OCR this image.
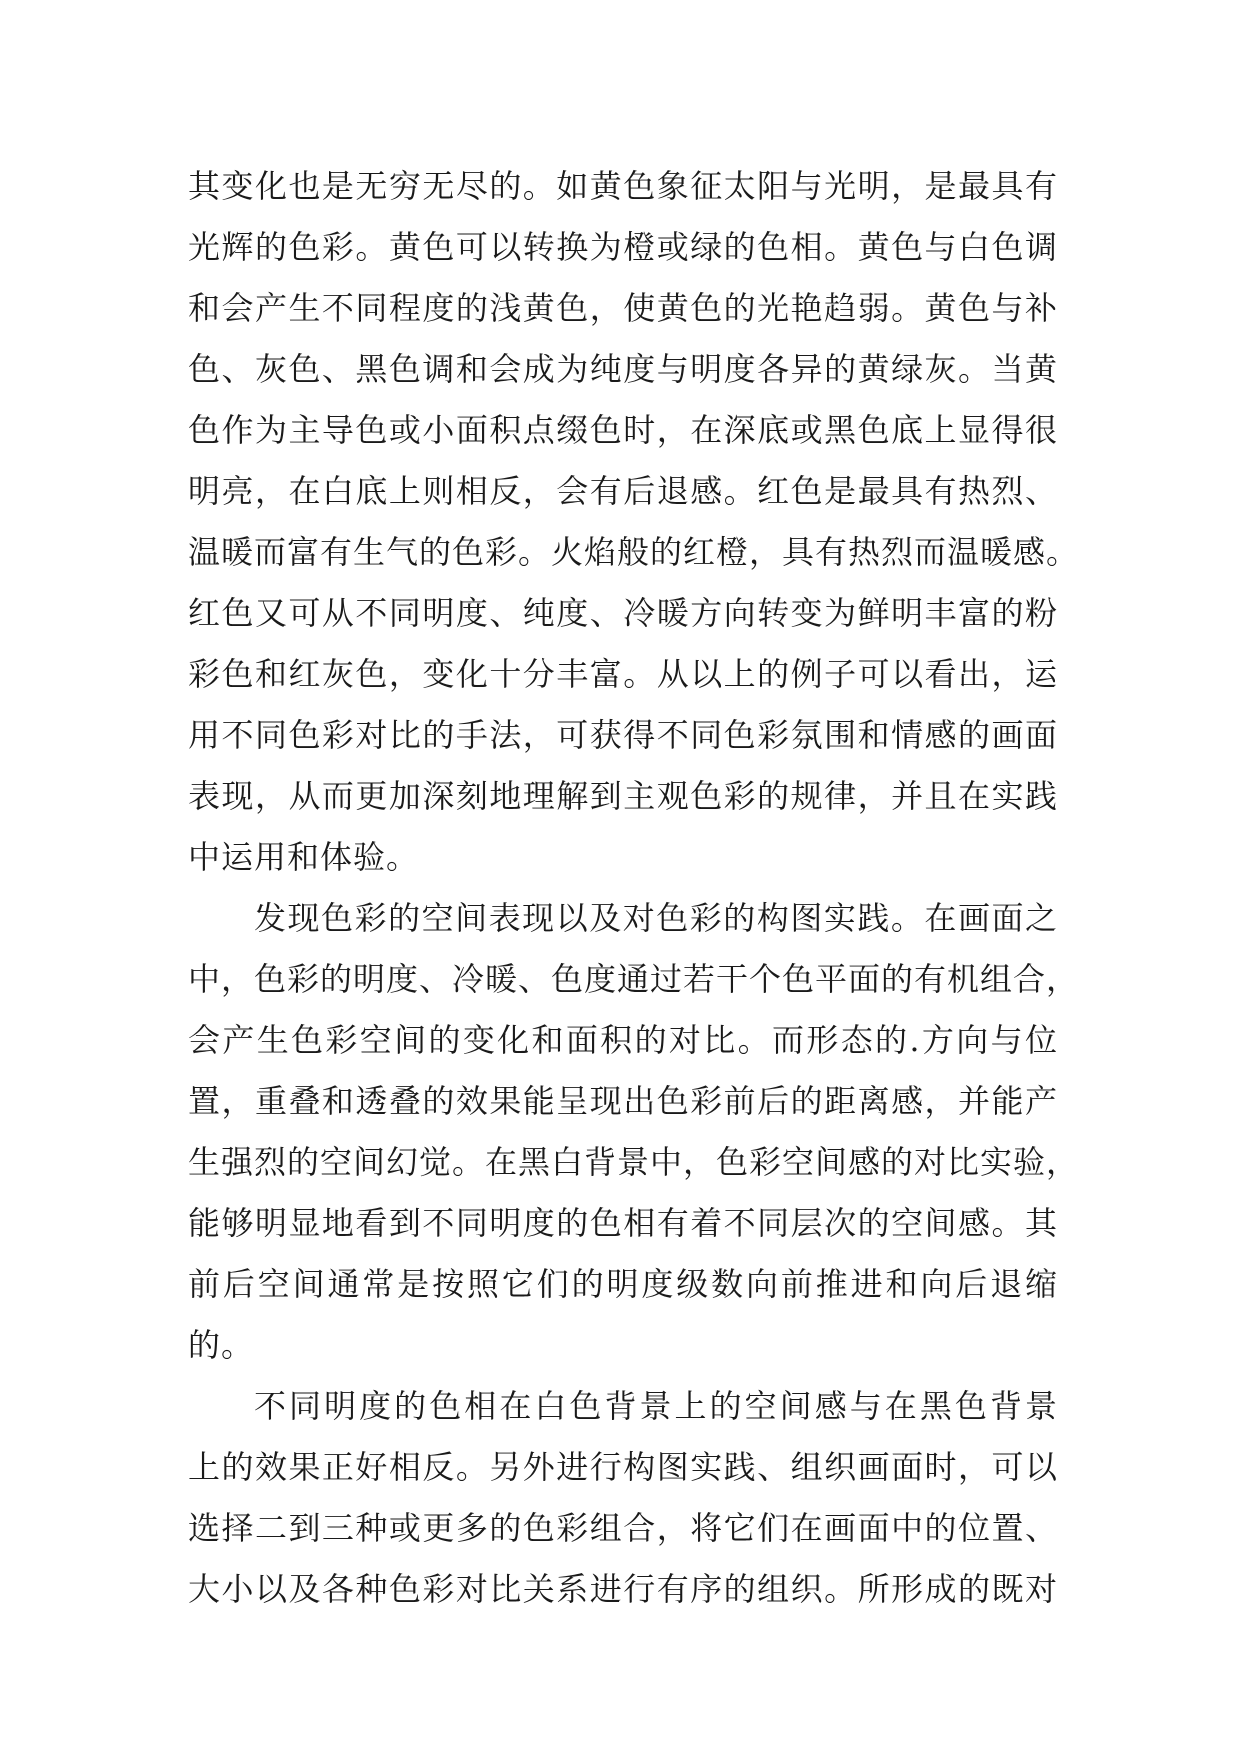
其变化也是无穷无尽的。如黄色象征太阳与光明，是最具有
光辉的色彩。黄色可以转换为橙或绿的色相。黄色与白色调
和会产生不同程度的浅黄色，使黄色的光艳趋弱。黄色与补
色、灰色、黑色调和会成为纯度与明度各异的黄绿灰。当黄
色作为主导色或小面积点缀色时，在深底或黑色底上显得很
明亮，在白底上则相反，会有后退感。红色是最具有热烈、
温暖而富有生气的色彩。火焰般的红橙，具有热烈而温暖感。
红色又可从不同明度、纯度、冷暖方向转变为鲜明丰富的粉
彩色和红灰色，变化十分丰富。从以上的例子可以看出，运
用不同色彩对比的手法，可获得不同色彩氛围和情感的画面
表现，从而更加深刻地理解到主观色彩的规律，并且在实践
中运用和体验。
发现色彩的空间表现以及对色彩的构图实践。在画面之
中，色彩的明度、冷暖、色度通过若干个色平面的有机组合，
会产生色彩空间的变化和面积的对比。而形态的.方向与位
置，重叠和透叠的效果能呈现出色彩前后的距离感，并能产
生强烈的空间幻觉。在黑白背景中，色彩空间感的对比实验，
能够明显地看到不同明度的色相有着不同层次的空间感。其
前后空间通常是按照它们的明度级数向前推进和向后退缩
的。
不同明度的色相在白色背景上的空间感与在黑色背景
上的效果正好相反。另外进行构图实践、组织画面时，可以
选择二到三种或更多的色彩组合，将它们在画面中的位置、
大小以及各种色彩对比关系进行有序的组织。所形成的既对
